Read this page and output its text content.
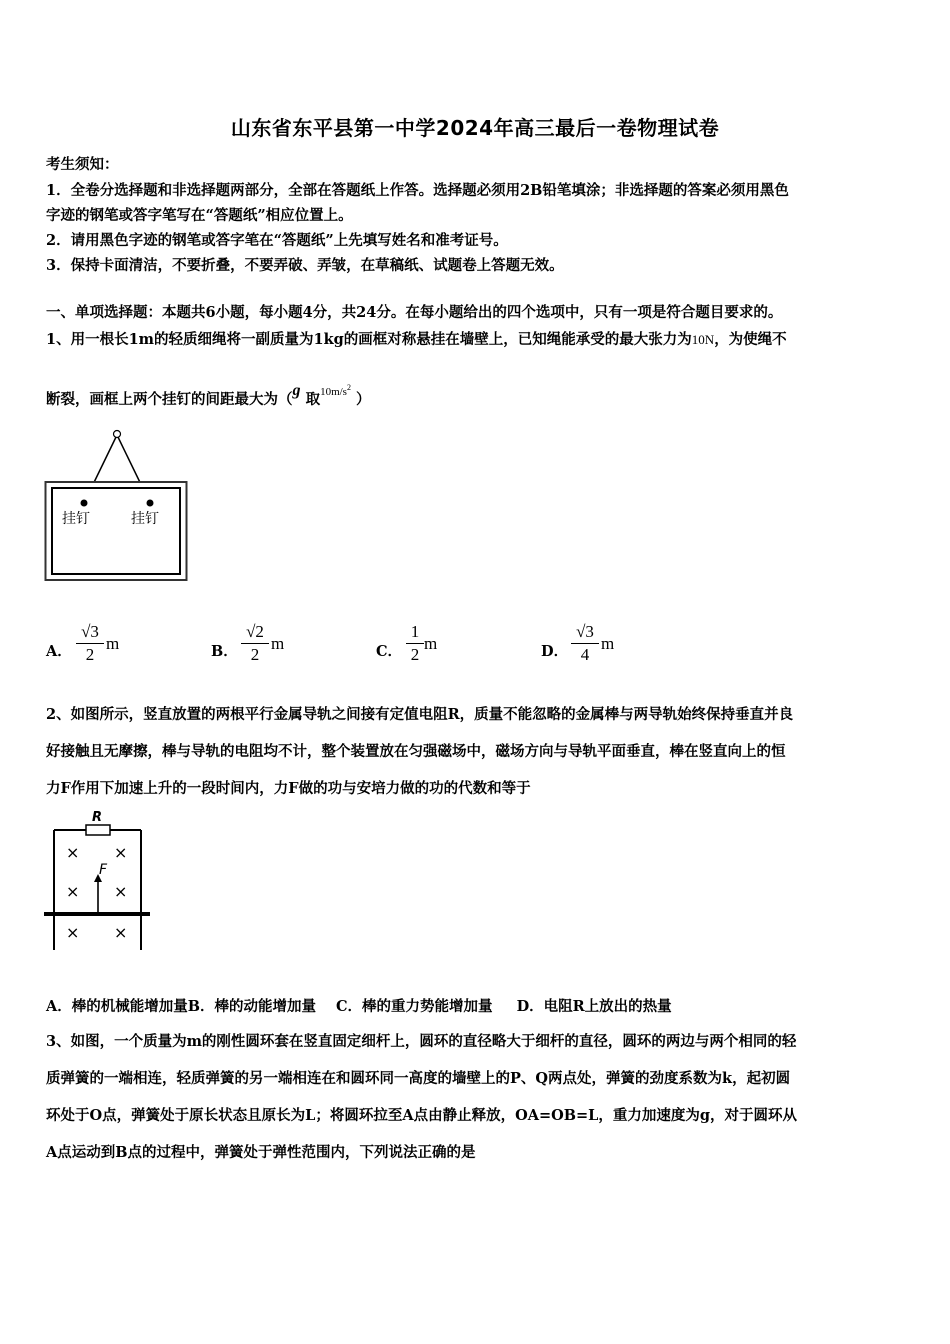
山东省东平县第一中学2024年高三最后一卷物理试卷
考生须知：
1．全卷分选择题和非选择题两部分，全部在答题纸上作答。选择题必须用2B铅笔填涂；非选择题的答案必须用黑色
字迹的钢笔或答字笔写在“答题纸”相应位置上。
2．请用黑色字迹的钢笔或答字笔在“答题纸”上先填写姓名和准考证号。
3．保持卡面清洁，不要折叠，不要弄破、弄皱，在草稿纸、试题卷上答题无效。
一、单项选择题：本题共6小题，每小题4分，共24分。在每小题给出的四个选项中，只有一项是符合题目要求的。
1、用一根长1m的轻质细绳将一副质量为1kg的画框对称悬挂在墙壁上，已知绳能承受的最大张力为10N，为使绳不
断裂，画框上两个挂钉的间距最大为（g 取$^{10m/s2}$ ）
挂钉	挂钉
A． $\frac{√3}{2}$ m	B． $\frac{√2}{2}$ m	C． $\frac{1}{2}$ m	D． $\frac{√3}{4}$ m
2、如图所示，竖直放置的两根平行金属导轨之间接有定值电阻R，质量不能忽略的金属棒与两导轨始终保持垂直并良
好接触且无摩擦，棒与导轨的电阻均不计，整个装置放在匀强磁场中，磁场方向与导轨平面垂直，棒在竖直向上的恒
力F作用下加速上升的一段时间内，力F做的功与安培力做的功的代数和等于
R
× ×
× ×
× ×
F
A．棒的机械能增加量B．棒的动能增加量 C．棒的重力势能增加量 D．电阻R上放出的热量
3、如图，一个质量为m的刚性圆环套在竖直固定细杆上，圆环的直径略大于细杆的直径，圆环的两边与两个相同的轻
质弹簧的一端相连，轻质弹簧的另一端相连在和圆环同一高度的墙壁上的P、Q两点处，弹簧的劲度系数为k，起初圆
环处于O点，弹簧处于原长状态且原长为L；将圆环拉至A点由静止释放，OA=OB=L，重力加速度为g，对于圆环从
A点运动到B点的过程中，弹簧处于弹性范围内，下列说法正确的是
